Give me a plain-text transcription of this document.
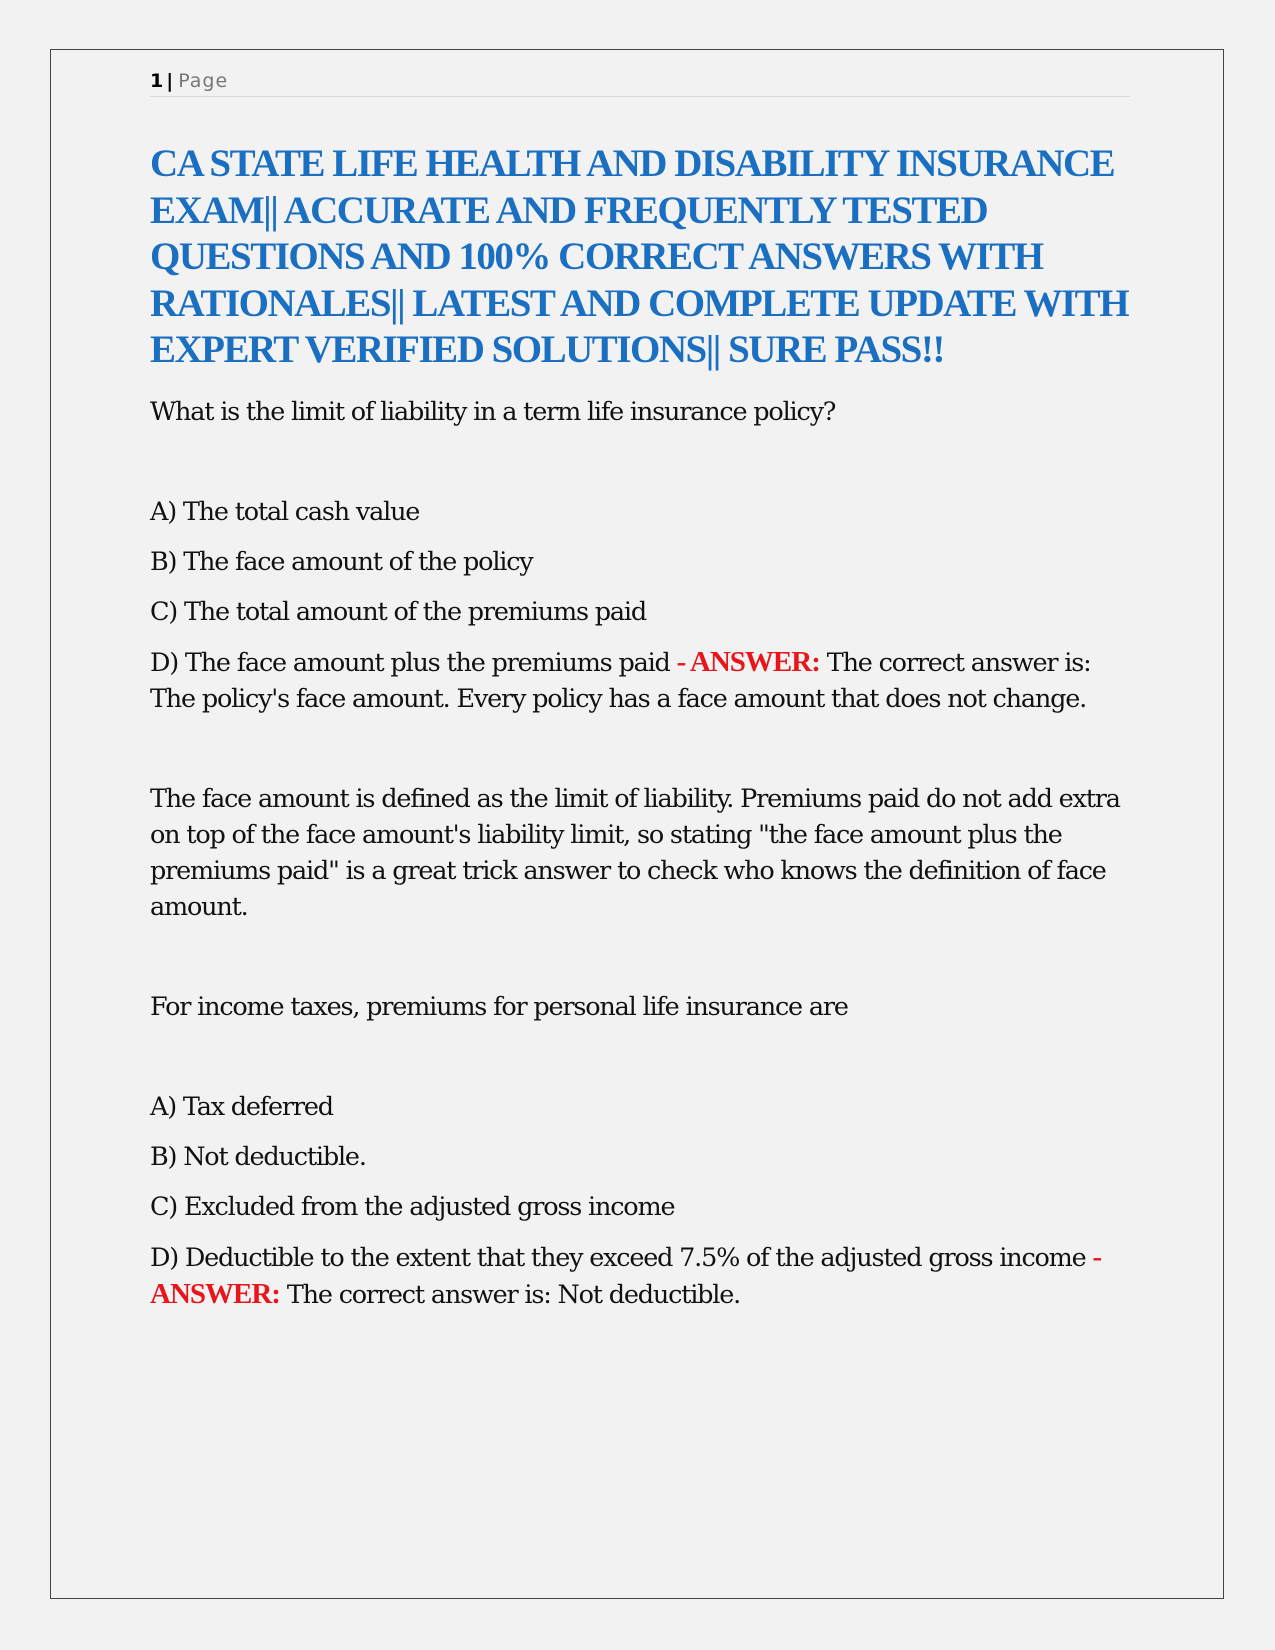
1 | Page
CA STATE LIFE HEALTH AND DISABILITY INSURANCE EXAM|| ACCURATE AND FREQUENTLY TESTED QUESTIONS AND 100% CORRECT ANSWERS WITH RATIONALES|| LATEST AND COMPLETE UPDATE WITH EXPERT VERIFIED SOLUTIONS|| SURE PASS!!

What is the limit of liability in a term life insurance policy?

A) The total cash value

B) The face amount of the policy

C) The total amount of the premiums paid

D) The face amount plus the premiums paid - ANSWER: The correct answer is: The policy's face amount. Every policy has a face amount that does not change.

The face amount is defined as the limit of liability. Premiums paid do not add extra on top of the face amount's liability limit, so stating "the face amount plus the premiums paid" is a great trick answer to check who knows the definition of face amount.

For income taxes, premiums for personal life insurance are

A) Tax deferred

B) Not deductible.

C) Excluded from the adjusted gross income

D) Deductible to the extent that they exceed 7.5% of the adjusted gross income - ANSWER: The correct answer is: Not deductible.
